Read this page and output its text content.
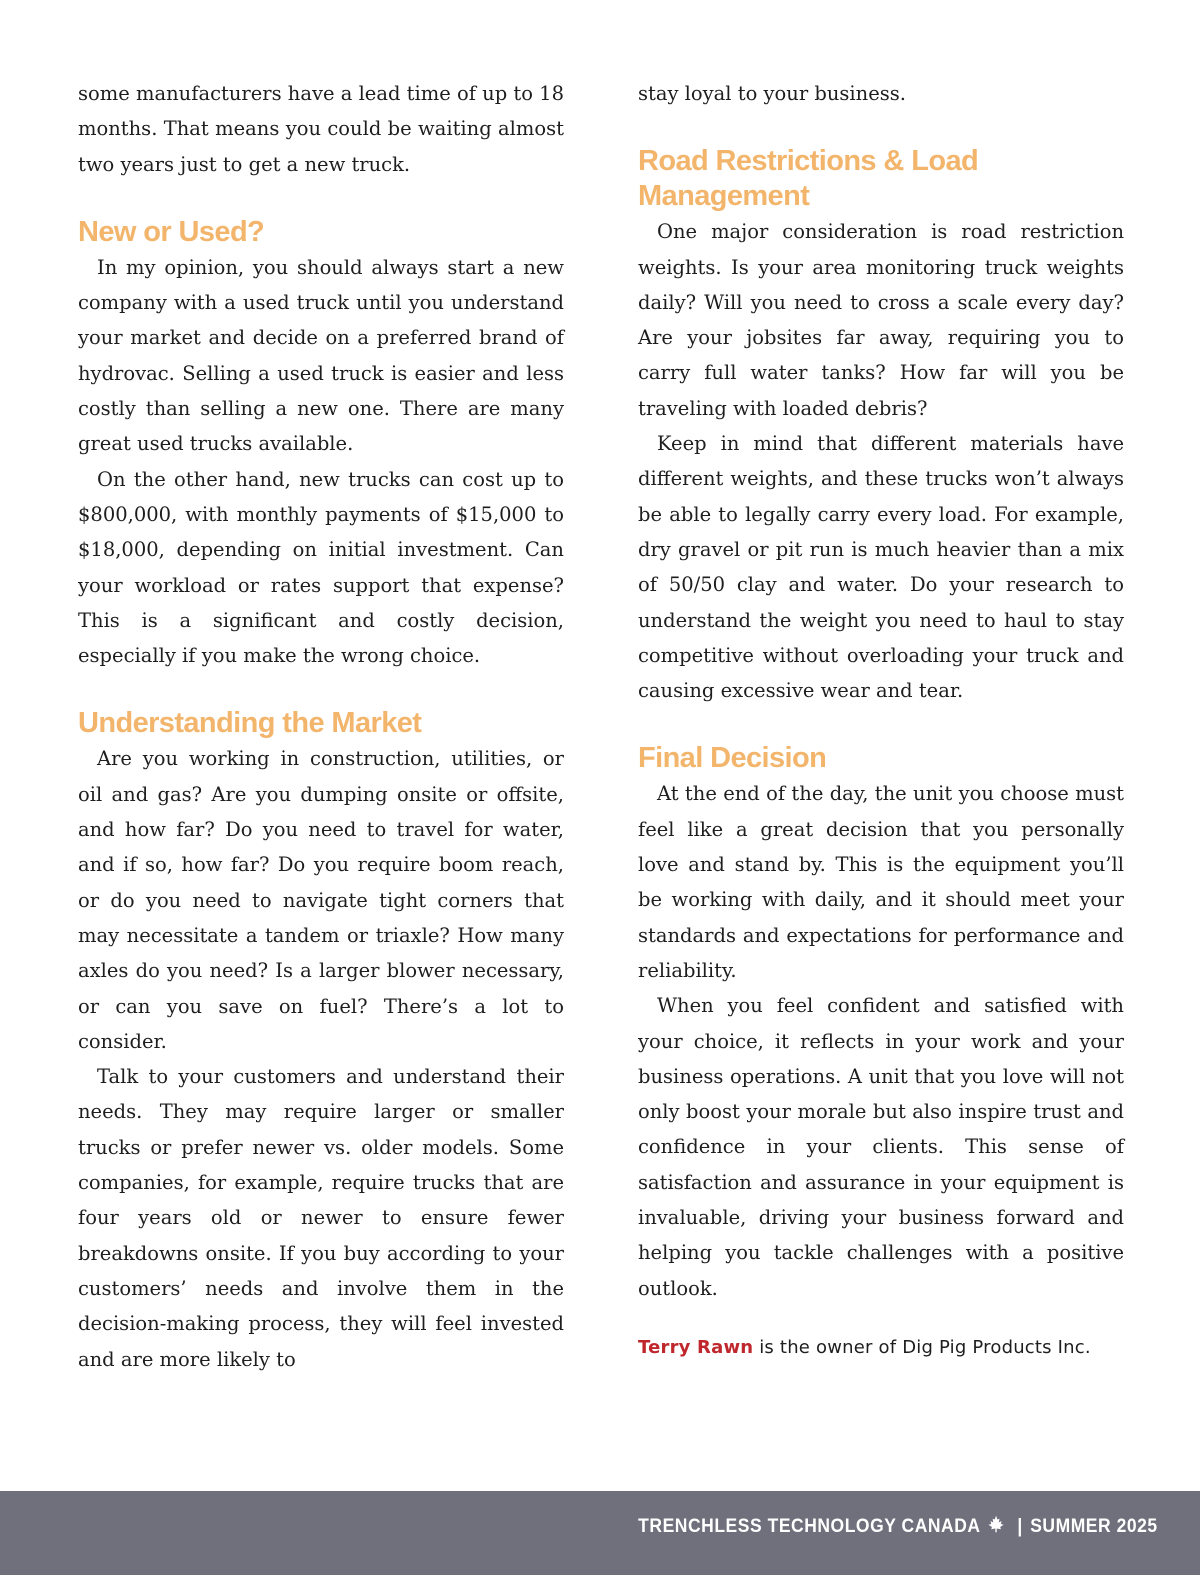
some manufacturers have a lead time of up to 18 months. That means you could be waiting almost two years just to get a new truck.

New or Used?

In my opinion, you should always start a new company with a used truck until you understand your market and decide on a preferred brand of hydrovac. Selling a used truck is easier and less costly than selling a new one. There are many great used trucks available.

On the other hand, new trucks can cost up to $800,000, with monthly payments of $15,000 to $18,000, depending on initial investment. Can your workload or rates support that expense? This is a significant and costly decision, especially if you make the wrong choice.

Understanding the Market

Are you working in construction, utilities, or oil and gas? Are you dumping onsite or offsite, and how far? Do you need to travel for water, and if so, how far? Do you require boom reach, or do you need to navigate tight corners that may necessitate a tandem or triaxle? How many axles do you need? Is a larger blower necessary, or can you save on fuel? There’s a lot to consider.

Talk to your customers and understand their needs. They may require larger or smaller trucks or prefer newer vs. older models. Some companies, for example, require trucks that are four years old or newer to ensure fewer breakdowns onsite. If you buy according to your customers’ needs and involve them in the decision-making process, they will feel invested and are more likely to

stay loyal to your business.

Road Restrictions & Load Management

One major consideration is road restriction weights. Is your area monitoring truck weights daily? Will you need to cross a scale every day? Are your jobsites far away, requiring you to carry full water tanks? How far will you be traveling with loaded debris?

Keep in mind that different materials have different weights, and these trucks won’t always be able to legally carry every load. For example, dry gravel or pit run is much heavier than a mix of 50/50 clay and water. Do your research to understand the weight you need to haul to stay competitive without overloading your truck and causing excessive wear and tear.

Final Decision

At the end of the day, the unit you choose must feel like a great decision that you personally love and stand by. This is the equipment you’ll be working with daily, and it should meet your standards and expectations for performance and reliability.

When you feel confident and satisfied with your choice, it reflects in your work and your business operations. A unit that you love will not only boost your morale but also inspire trust and confidence in your clients. This sense of satisfaction and assurance in your equipment is invaluable, driving your business forward and helping you tackle challenges with a positive outlook.

Terry Rawn is the owner of Dig Pig Products Inc.
TRENCHLESS TECHNOLOGY CANADA | SUMMER 2025
